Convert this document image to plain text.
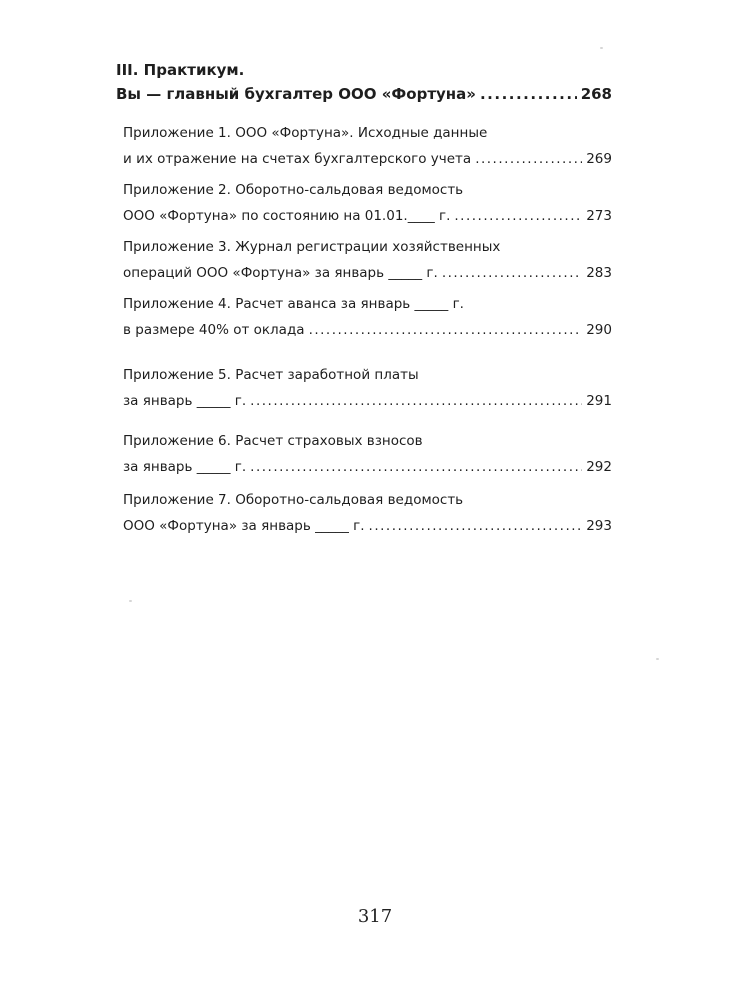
III. Практикум.
Вы — главный бухгалтер ООО «Фортуна» .....	268
Приложение 1. ООО «Фортуна». Исходные данные
и их отражение на счетах бухгалтерского учета .....	269
Приложение 2. Оборотно-сальдовая ведомость
ООО «Фортуна» по состоянию на 01.01.____ г. .....	273
Приложение 3. Журнал регистрации хозяйственных
операций ООО «Фортуна» за январь _____ г. .....	283
Приложение 4. Расчет аванса за январь _____ г.
в размере 40% от оклада .....	290
Приложение 5. Расчет заработной платы
за январь _____ г. .....	291
Приложение 6. Расчет страховых взносов
за январь _____ г. .....	292
Приложение 7. Оборотно-сальдовая ведомость
ООО «Фортуна» за январь _____ г. .....	293
317
